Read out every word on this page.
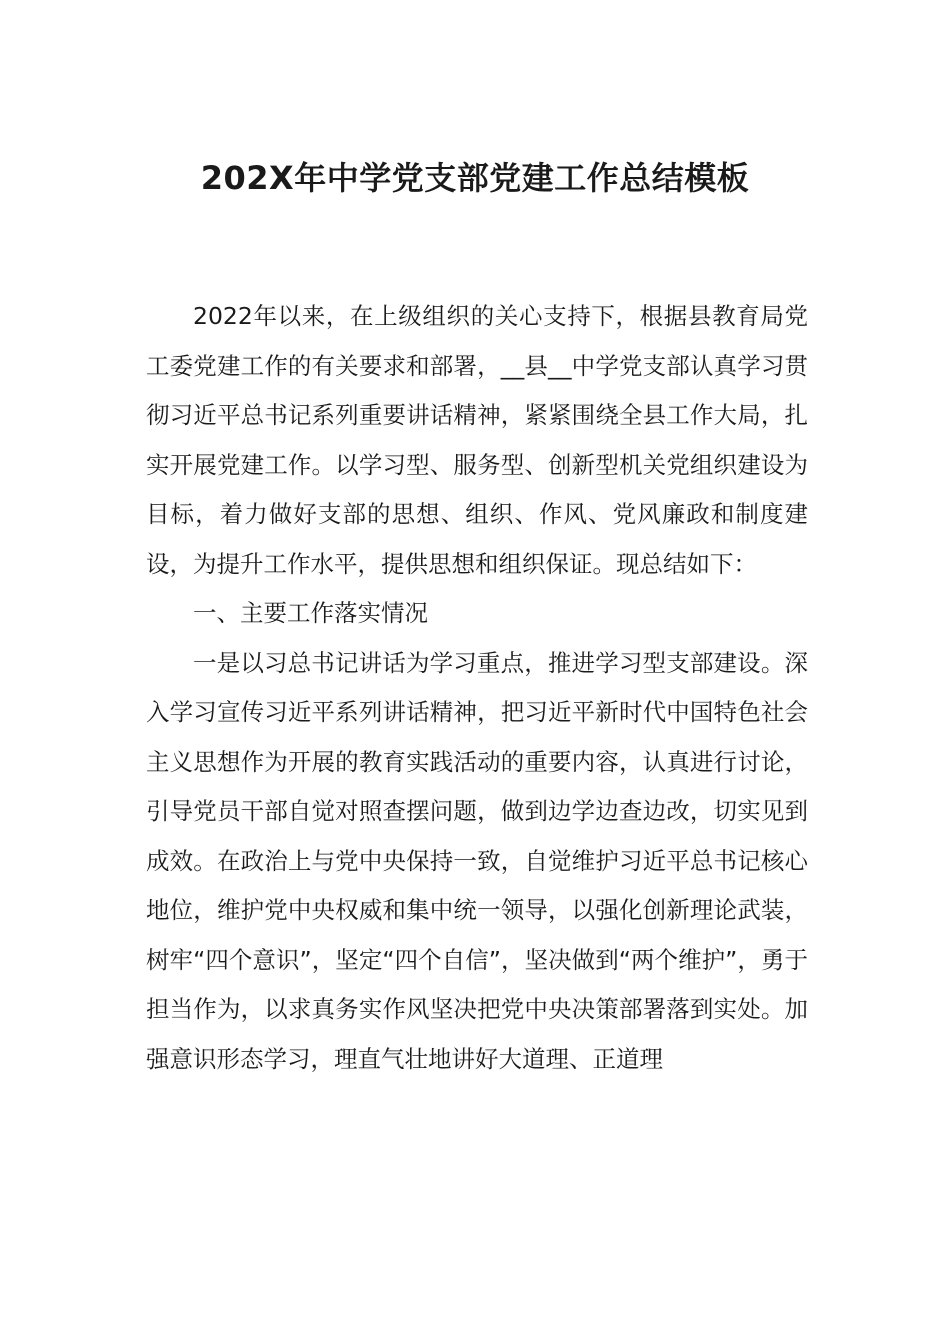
202X年中学党支部党建工作总结模板

2022年以来，在上级组织的关心支持下，根据县教育局党工委党建工作的有关要求和部署，__县__中学党支部认真学习贯彻习近平总书记系列重要讲话精神，紧紧围绕全县工作大局，扎实开展党建工作。以学习型、服务型、创新型机关党组织建设为目标，着力做好支部的思想、组织、作风、党风廉政和制度建设，为提升工作水平，提供思想和组织保证。现总结如下：

一、主要工作落实情况

一是以习总书记讲话为学习重点，推进学习型支部建设。深入学习宣传习近平系列讲话精神，把习近平新时代中国特色社会主义思想作为开展的教育实践活动的重要内容，认真进行讨论，引导党员干部自觉对照查摆问题，做到边学边查边改，切实见到成效。在政治上与党中央保持一致，自觉维护习近平总书记核心地位，维护党中央权威和集中统一领导，以强化创新理论武装，树牢“四个意识”，坚定“四个自信”，坚决做到“两个维护”，勇于担当作为，以求真务实作风坚决把党中央决策部署落到实处。加强意识形态学习，理直气壮地讲好大道理、正道理
